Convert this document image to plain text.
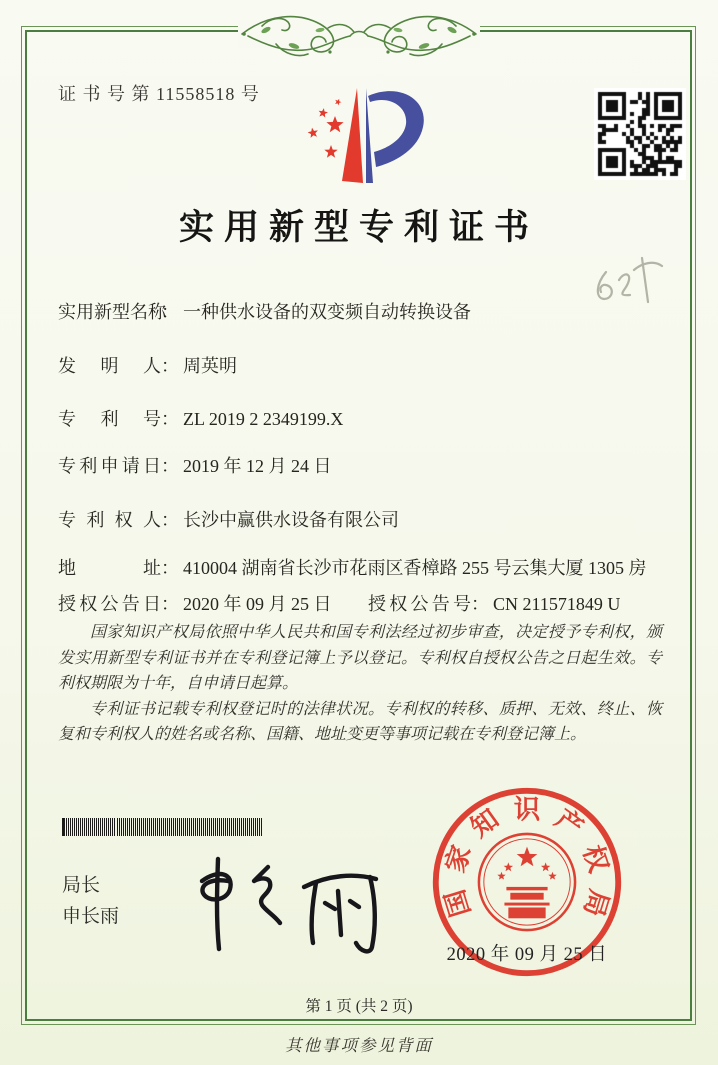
证 书 号 第 11558518 号
实用新型专利证书
实用新型名称： 一种供水设备的双变频自动转换设备
发明人： 周英明
专利号： ZL 2019 2 2349199.X
专利申请日： 2019 年 12 月 24 日
专利权人： 长沙中赢供水设备有限公司
地址： 410004 湖南省长沙市花雨区香樟路 255 号云集大厦 1305 房
授权公告日： 2020 年 09 月 25 日 授权公告号： CN 211571849 U

国家知识产权局依照中华人民共和国专利法经过初步审查，决定授予专利权，颁发实用新型专利证书并在专利登记簿上予以登记。专利权自授权公告之日起生效。专利权期限为十年，自申请日起算。

专利证书记载专利权登记时的法律状况。专利权的转移、质押、无效、终止、恢复和专利权人的姓名或名称、国籍、地址变更等事项记载在专利登记簿上。

局长
申长雨	国
家
知 识 产
权
局
2020 年 09 月 25 日
第 1 页 (共 2 页)
其他事项参见背面
